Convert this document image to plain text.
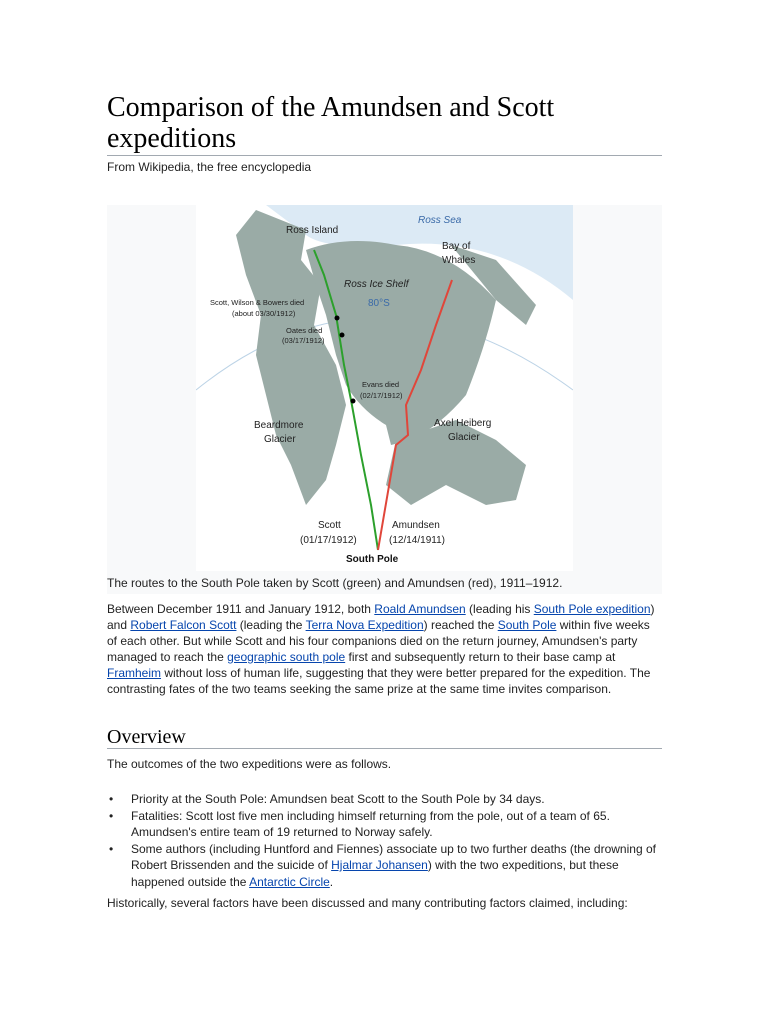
Comparison of the Amundsen and Scott expeditions
From Wikipedia, the free encyclopedia
Ross Sea
Ross Island
Bay of
Whales
Ross Ice Shelf
80°S
Scott, Wilson & Bowers died
(about 03/30/1912)
Oates died
(03/17/1912)
Evans died
(02/17/1912)
Beardmore
Glacier
Axel Heiberg
Glacier
Scott
(01/17/1912)
Amundsen
(12/14/1911)
South Pole
The routes to the South Pole taken by Scott (green) and Amundsen (red), 1911–1912.

Between December 1911 and January 1912, both Roald Amundsen (leading his South Pole expedition) and Robert Falcon Scott (leading the Terra Nova Expedition) reached the South Pole within five weeks of each other. But while Scott and his four companions died on the return journey, Amundsen's party managed to reach the geographic south pole first and subsequently return to their base camp at Framheim without loss of human life, suggesting that they were better prepared for the expedition. The contrasting fates of the two teams seeking the same prize at the same time invites comparison.

Overview
The outcomes of the two expeditions were as follows.
• Priority at the South Pole: Amundsen beat Scott to the South Pole by 34 days.
• Fatalities: Scott lost five men including himself returning from the pole, out of a team of 65. Amundsen's entire team of 19 returned to Norway safely.
• Some authors (including Huntford and Fiennes) associate up to two further deaths (the drowning of Robert Brissenden and the suicide of Hjalmar Johansen) with the two expeditions, but these happened outside the Antarctic Circle.

Historically, several factors have been discussed and many contributing factors claimed, including:
